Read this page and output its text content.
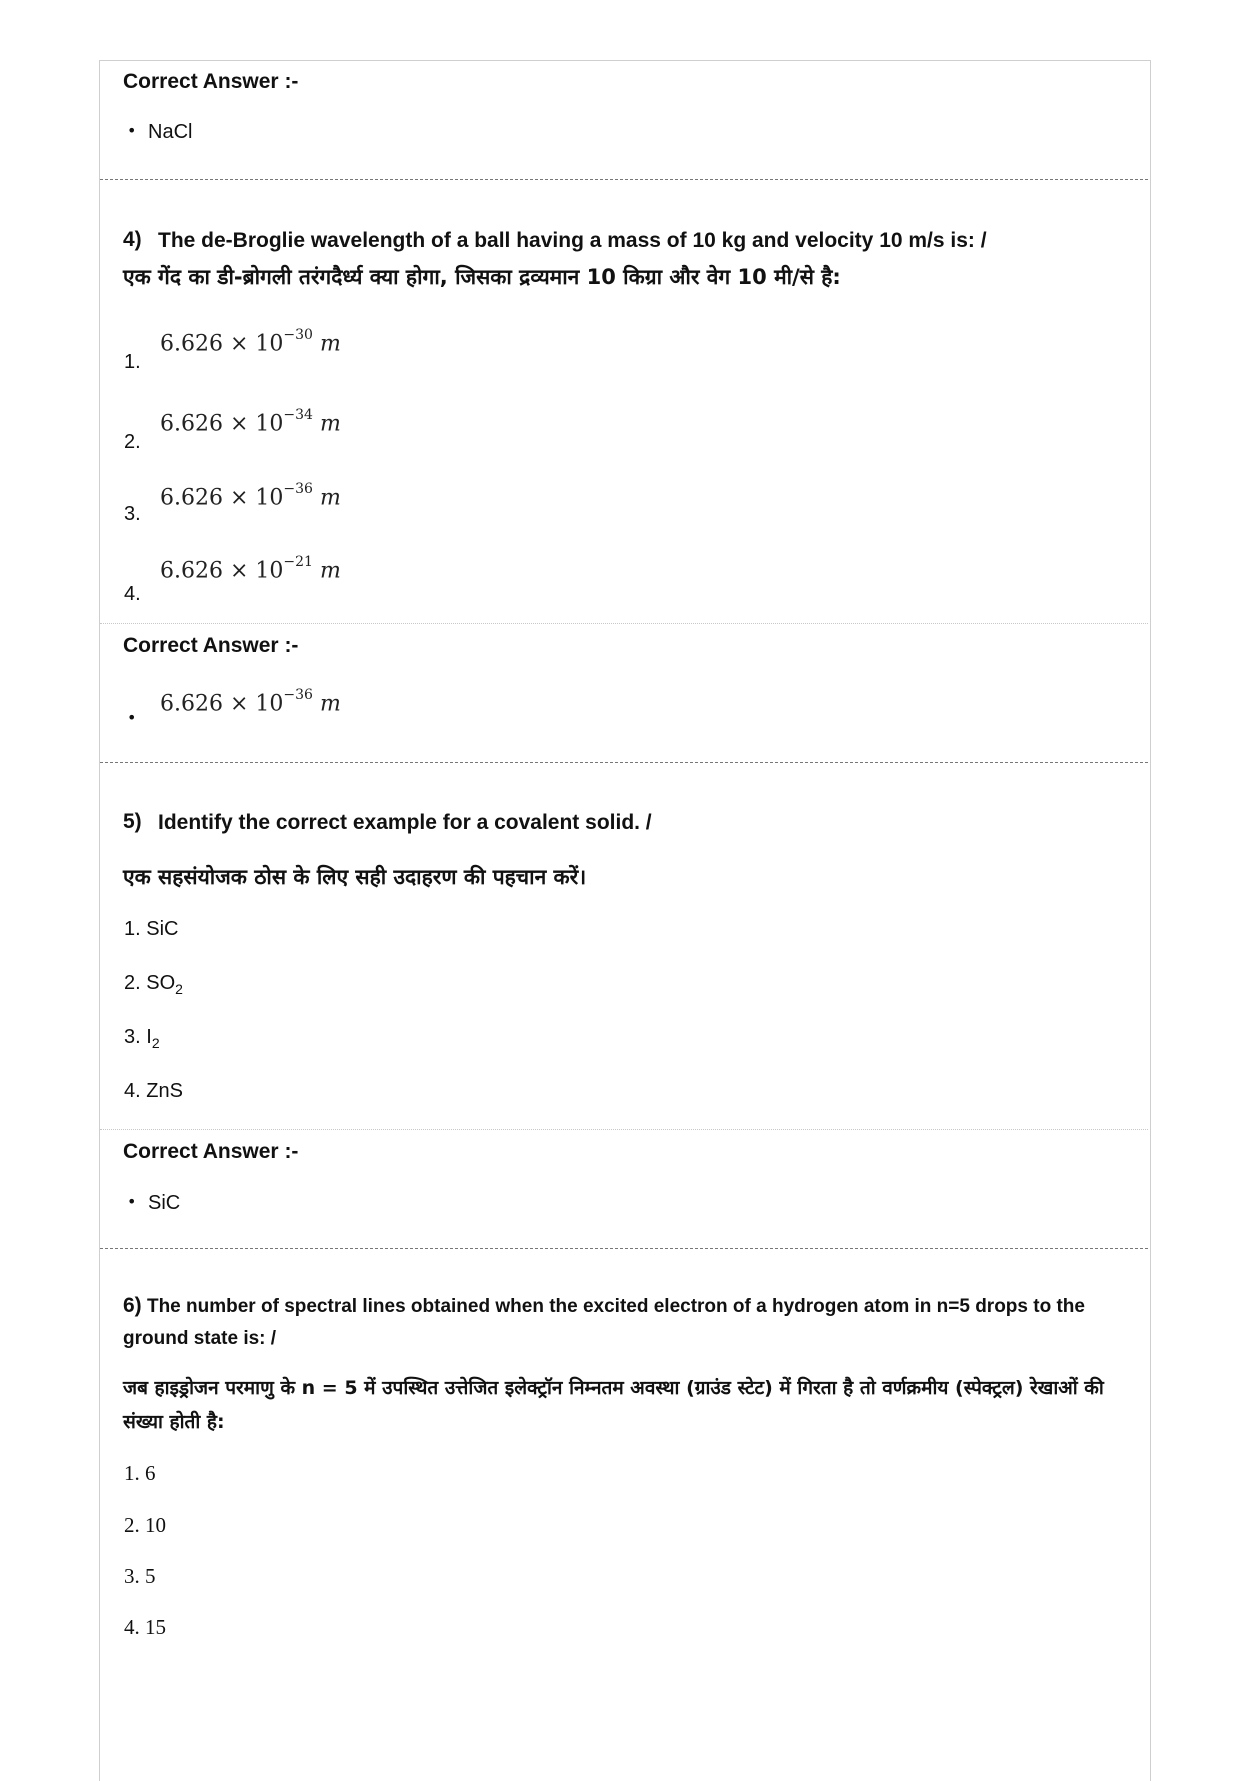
Correct Answer :-
• NaCl
4) The de-Broglie wavelength of a ball having a mass of 10 kg and velocity 10 m/s is: /
एक गेंद का डी-ब्रोगली तरंगदैर्ध्य क्या होगा, जिसका द्रव्यमान 10 किग्रा और वेग 10 मी/से है:
1.
$6.626 \times 10^{-30}$ m
2.
$6.626 \times 10^{-34}$ m
3.
$6.626 \times 10^{-36}$ m
4.
$6.626 \times 10^{-21}$ m
Correct Answer :-
•
$6.626 \times 10^{-36}$ m
5) Identify the correct example for a covalent solid. /
एक सहसंयोजक ठोस के लिए सही उदाहरण की पहचान करें।
1. SiC
2. $SO_2$
3. $I_2$
4. ZnS
Correct Answer :-
• SiC
6) The number of spectral lines obtained when the excited electron of a hydrogen atom in n=5 drops to the ground state is: /
जब हाइड्रोजन परमाणु के n = 5 में उपस्थित उत्तेजित इलेक्ट्रॉन निम्नतम अवस्था (ग्राउंड स्टेट) में गिरता है तो वर्णक्रमीय (स्पेक्ट्रल) रेखाओं की संख्या होती है:
1. 6
2. 10
3. 5
4. 15
